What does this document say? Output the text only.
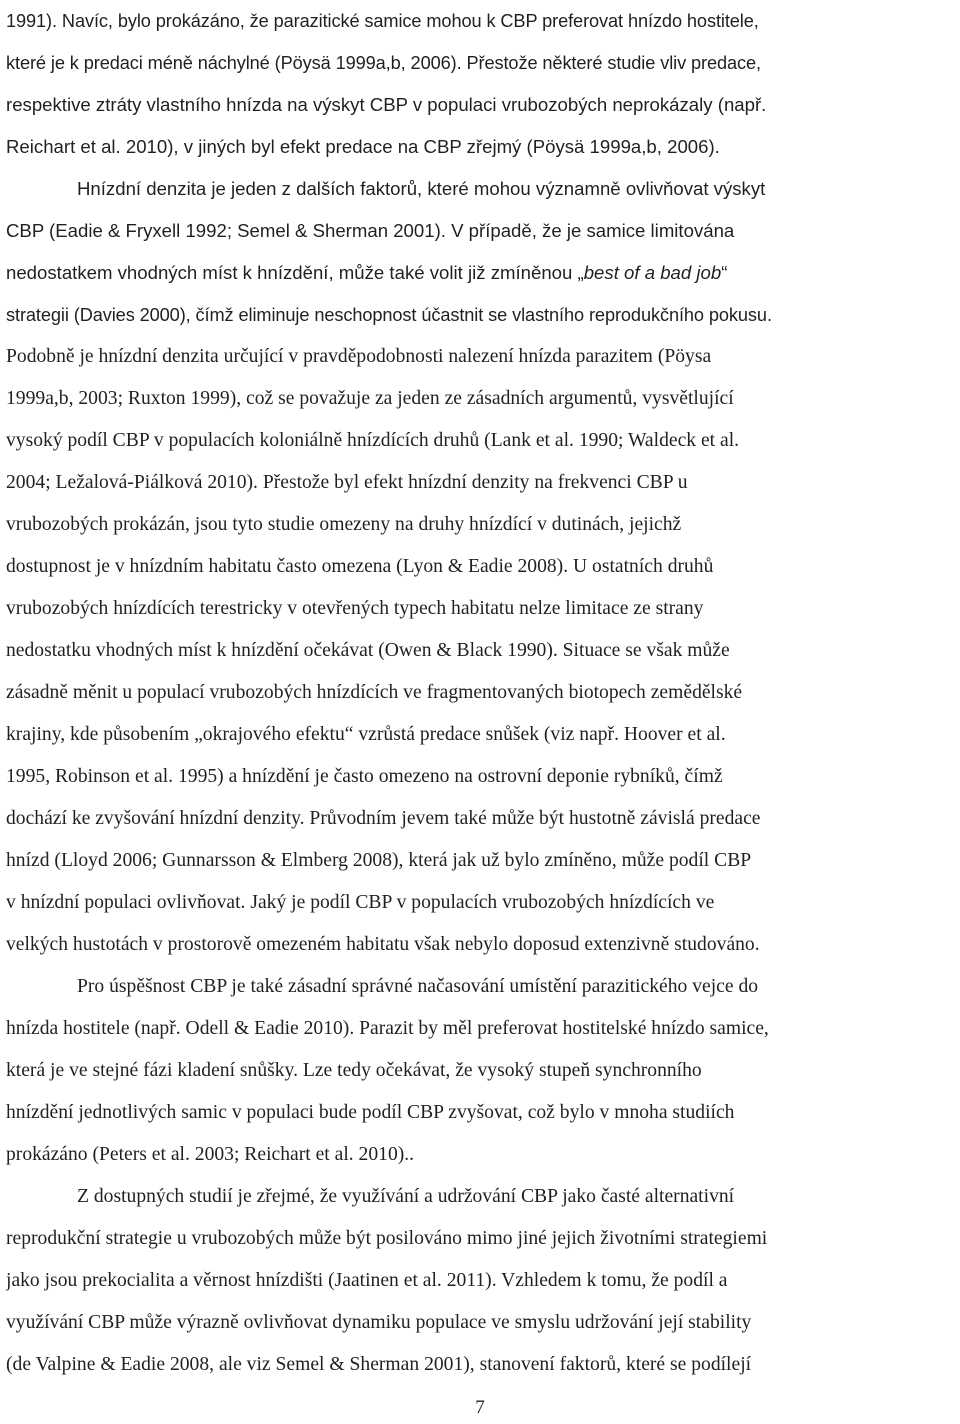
1991). Navíc, bylo prokázáno, že parazitické samice mohou k CBP preferovat hnízdo hostitele,
které je k predaci méně náchylné (Pöysä 1999a,b, 2006). Přestože některé studie vliv predace,
respektive ztráty vlastního hnízda na výskyt CBP v populaci vrubozobých neprokázaly (např.
Reichart et al. 2010), v jiných byl efekt predace na CBP zřejmý (Pöysä 1999a,b, 2006).
Hnízdní denzita je jeden z dalších faktorů, které mohou významně ovlivňovat výskyt
CBP (Eadie & Fryxell 1992; Semel & Sherman 2001). V případě, že je samice limitována
nedostatkem vhodných míst k hnízdění, může také volit již zmíněnou „best of a bad job“
strategii (Davies 2000), čímž eliminuje neschopnost účastnit se vlastního reprodukčního pokusu.
Podobně je hnízdní denzita určující v pravděpodobnosti nalezení hnízda parazitem (Pöysa
1999a,b, 2003; Ruxton 1999), což se považuje za jeden ze zásadních argumentů, vysvětlující
vysoký podíl CBP v populacích koloniálně hnízdících druhů (Lank et al. 1990; Waldeck et al.
2004; Ležalová-Piálková 2010). Přestože byl efekt hnízdní denzity na frekvenci CBP u
vrubozobých prokázán, jsou tyto studie omezeny na druhy hnízdící v dutinách, jejichž
dostupnost je v hnízdním habitatu často omezena (Lyon & Eadie 2008). U ostatních druhů
vrubozobých hnízdících terestricky v otevřených typech habitatu nelze limitace ze strany
nedostatku vhodných míst k hnízdění očekávat (Owen & Black 1990). Situace se však může
zásadně měnit u populací vrubozobých hnízdících ve fragmentovaných biotopech zemědělské
krajiny, kde působením „okrajového efektu“ vzrůstá predace snůšek (viz např. Hoover et al.
1995, Robinson et al. 1995) a hnízdění je často omezeno na ostrovní deponie rybníků, čímž
dochází ke zvyšování hnízdní denzity. Průvodním jevem také může být hustotně závislá predace
hnízd (Lloyd 2006; Gunnarsson & Elmberg 2008), která jak už bylo zmíněno, může podíl CBP
v hnízdní populaci ovlivňovat. Jaký je podíl CBP v populacích vrubozobých hnízdících ve
velkých hustotách v prostorově omezeném habitatu však nebylo doposud extenzivně studováno.
Pro úspěšnost CBP je také zásadní správné načasování umístění parazitického vejce do
hnízda hostitele (např. Odell & Eadie 2010). Parazit by měl preferovat hostitelské hnízdo samice,
která je ve stejné fázi kladení snůšky. Lze tedy očekávat, že vysoký stupeň synchronního
hnízdění jednotlivých samic v populaci bude podíl CBP zvyšovat, což bylo v mnoha studiích
prokázáno (Peters et al. 2003; Reichart et al. 2010)..
Z dostupných studií je zřejmé, že využívání a udržování CBP jako časté alternativní
reprodukční strategie u vrubozobých může být posilováno mimo jiné jejich životními strategiemi
jako jsou prekocialita a věrnost hnízdišti (Jaatinen et al. 2011). Vzhledem k tomu, že podíl a
využívání CBP může výrazně ovlivňovat dynamiku populace ve smyslu udržování její stability
(de Valpine & Eadie 2008, ale viz Semel & Sherman 2001), stanovení faktorů, které se podílejí
7
